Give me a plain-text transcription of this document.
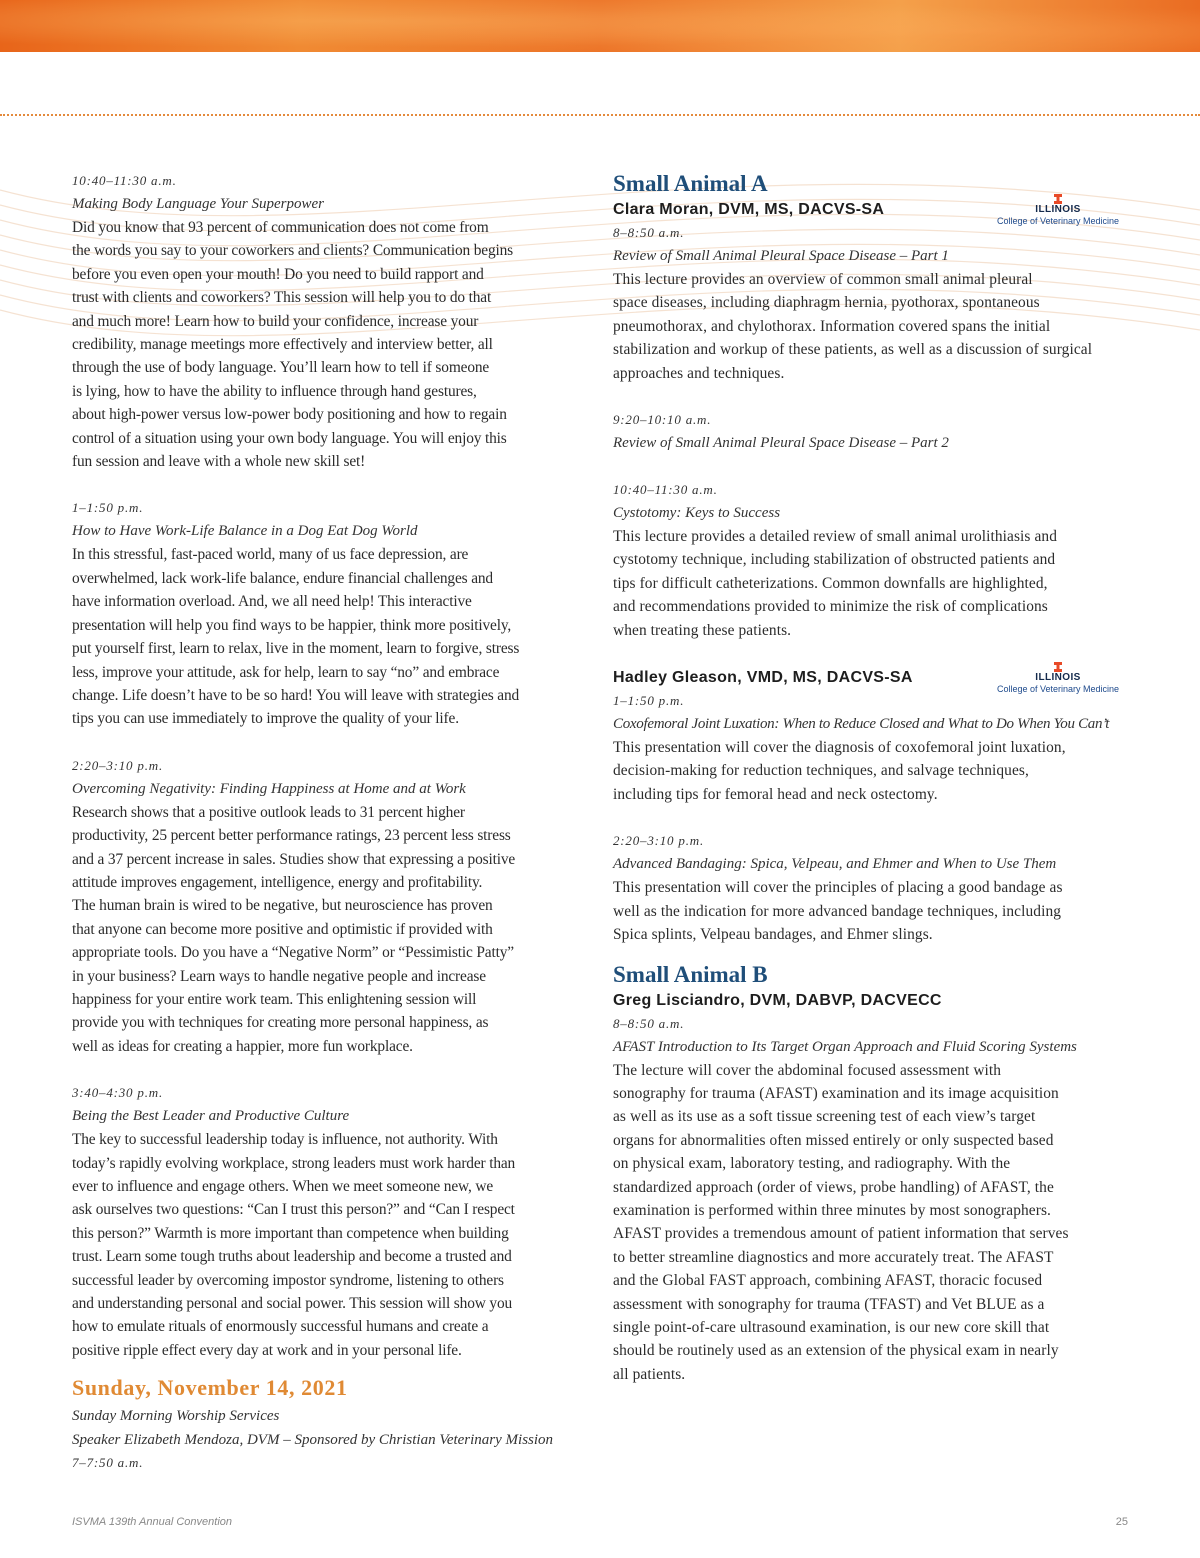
10:40–11:30 a.m.

Making Body Language Your Superpower

Did you know that 93 percent of communication does not come from
the words you say to your coworkers and clients? Communication begins
before you even open your mouth! Do you need to build rapport and
trust with clients and coworkers? This session will help you to do that
and much more! Learn how to build your confidence, increase your
credibility, manage meetings more effectively and interview better, all
through the use of body language. You’ll learn how to tell if someone
is lying, how to have the ability to influence through hand gestures,
about high-power versus low-power body positioning and how to regain
control of a situation using your own body language. You will enjoy this
fun session and leave with a whole new skill set!

1–1:50 p.m.

How to Have Work-Life Balance in a Dog Eat Dog World

In this stressful, fast-paced world, many of us face depression, are
overwhelmed, lack work-life balance, endure financial challenges and
have information overload. And, we all need help! This interactive
presentation will help you find ways to be happier, think more positively,
put yourself first, learn to relax, live in the moment, learn to forgive, stress
less, improve your attitude, ask for help, learn to say “no” and embrace
change. Life doesn’t have to be so hard! You will leave with strategies and
tips you can use immediately to improve the quality of your life.

2:20–3:10 p.m.

Overcoming Negativity: Finding Happiness at Home and at Work

Research shows that a positive outlook leads to 31 percent higher
productivity, 25 percent better performance ratings, 23 percent less stress
and a 37 percent increase in sales. Studies show that expressing a positive
attitude improves engagement, intelligence, energy and profitability.
The human brain is wired to be negative, but neuroscience has proven
that anyone can become more positive and optimistic if provided with
appropriate tools. Do you have a “Negative Norm” or “Pessimistic Patty”
in your business? Learn ways to handle negative people and increase
happiness for your entire work team. This enlightening session will
provide you with techniques for creating more personal happiness, as
well as ideas for creating a happier, more fun workplace.

3:40–4:30 p.m.

Being the Best Leader and Productive Culture

The key to successful leadership today is influence, not authority. With
today’s rapidly evolving workplace, strong leaders must work harder than
ever to influence and engage others. When we meet someone new, we
ask ourselves two questions: “Can I trust this person?” and “Can I respect
this person?” Warmth is more important than competence when building
trust. Learn some tough truths about leadership and become a trusted and
successful leader by overcoming impostor syndrome, listening to others
and understanding personal and social power. This session will show you
how to emulate rituals of enormously successful humans and create a
positive ripple effect every day at work and in your personal life.

Sunday, November 14, 2021

Sunday Morning Worship Services

Speaker Elizabeth Mendoza, DVM – Sponsored by Christian Veterinary Mission

7–7:50 a.m.

Small Animal A

Clara Moran, DVM, MS, DACVS-SA	ILLINOIS
College of Veterinary Medicine

8–8:50 a.m.

Review of Small Animal Pleural Space Disease – Part 1

This lecture provides an overview of common small animal pleural
space diseases, including diaphragm hernia, pyothorax, spontaneous
pneumothorax, and chylothorax. Information covered spans the initial
stabilization and workup of these patients, as well as a discussion of surgical
approaches and techniques.

9:20–10:10 a.m.

Review of Small Animal Pleural Space Disease – Part 2

10:40–11:30 a.m.

Cystotomy: Keys to Success

This lecture provides a detailed review of small animal urolithiasis and
cystotomy technique, including stabilization of obstructed patients and
tips for difficult catheterizations. Common downfalls are highlighted,
and recommendations provided to minimize the risk of complications
when treating these patients.

Hadley Gleason, VMD, MS, DACVS-SA	ILLINOIS
College of Veterinary Medicine

1–1:50 p.m.

Coxofemoral Joint Luxation: When to Reduce Closed and What to Do When You Can’t

This presentation will cover the diagnosis of coxofemoral joint luxation,
decision-making for reduction techniques, and salvage techniques,
including tips for femoral head and neck ostectomy.

2:20–3:10 p.m.

Advanced Bandaging: Spica, Velpeau, and Ehmer and When to Use Them

This presentation will cover the principles of placing a good bandage as
well as the indication for more advanced bandage techniques, including
Spica splints, Velpeau bandages, and Ehmer slings.

Small Animal B

Greg Lisciandro, DVM, DABVP, DACVECC

8–8:50 a.m.

AFAST Introduction to Its Target Organ Approach and Fluid Scoring Systems

The lecture will cover the abdominal focused assessment with
sonography for trauma (AFAST) examination and its image acquisition
as well as its use as a soft tissue screening test of each view’s target
organs for abnormalities often missed entirely or only suspected based
on physical exam, laboratory testing, and radiography. With the
standardized approach (order of views, probe handling) of AFAST, the
examination is performed within three minutes by most sonographers.
AFAST provides a tremendous amount of patient information that serves
to better streamline diagnostics and more accurately treat. The AFAST
and the Global FAST approach, combining AFAST, thoracic focused
assessment with sonography for trauma (TFAST) and Vet BLUE as a
single point-of-care ultrasound examination, is our new core skill that
should be routinely used as an extension of the physical exam in nearly
all patients.

ISVMA 139th Annual Convention	25
